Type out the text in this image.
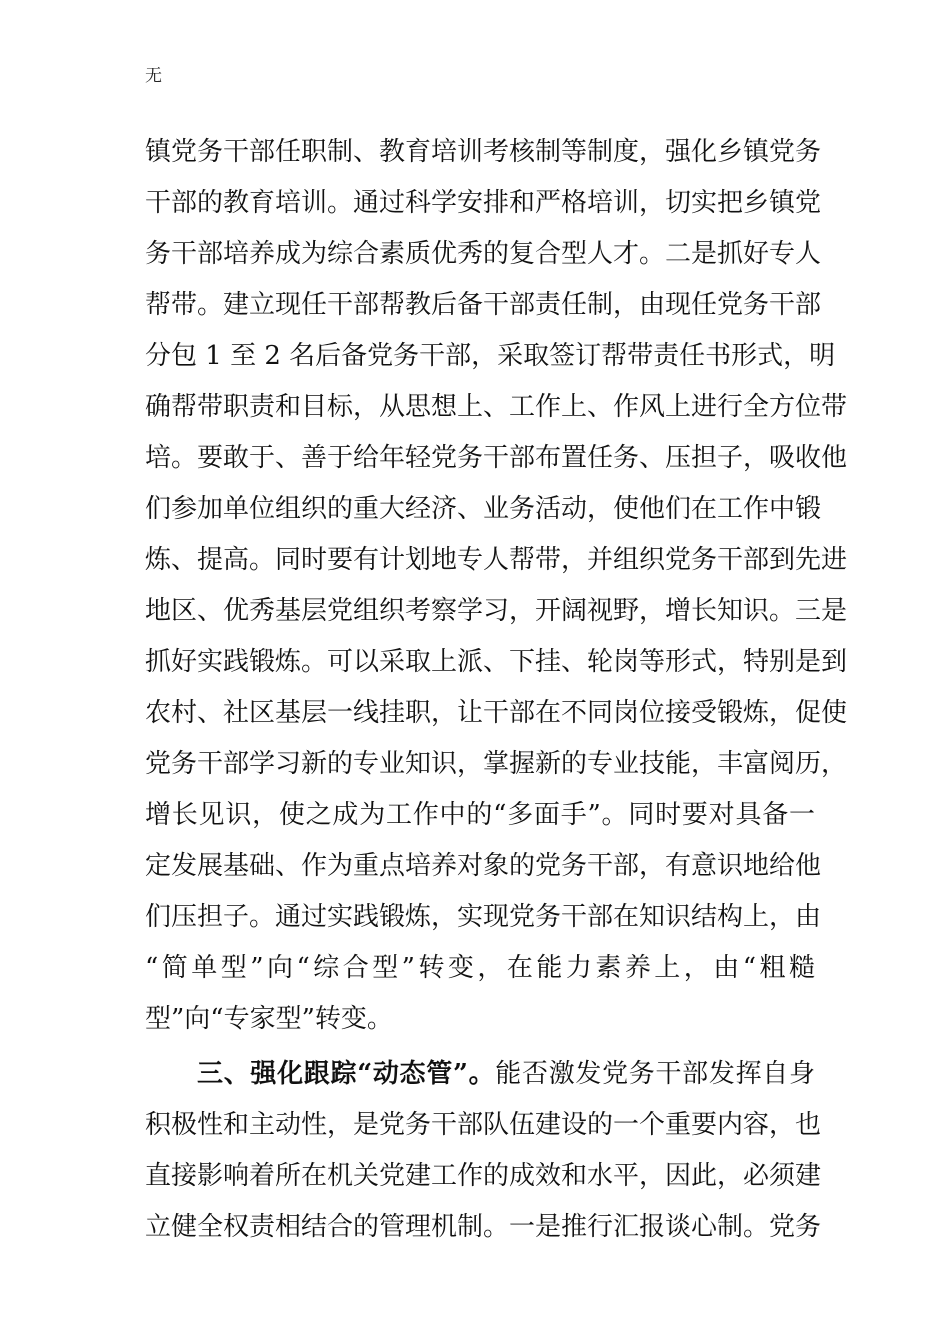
无
镇党务干部任职制、教育培训考核制等制度，强化乡镇党务
干部的教育培训。通过科学安排和严格培训，切实把乡镇党
务干部培养成为综合素质优秀的复合型人才。二是抓好专人
帮带。建立现任干部帮教后备干部责任制，由现任党务干部
分包 1 至 2 名后备党务干部，采取签订帮带责任书形式，明
确帮带职责和目标，从思想上、工作上、作风上进行全方位带
培。要敢于、善于给年轻党务干部布置任务、压担子，吸收他
们参加单位组织的重大经济、业务活动，使他们在工作中锻
炼、提高。同时要有计划地专人帮带，并组织党务干部到先进
地区、优秀基层党组织考察学习，开阔视野，增长知识。三是
抓好实践锻炼。可以采取上派、下挂、轮岗等形式，特别是到
农村、社区基层一线挂职，让干部在不同岗位接受锻炼，促使
党务干部学习新的专业知识，掌握新的专业技能，丰富阅历，
增长见识，使之成为工作中的“多面手”。同时要对具备一
定发展基础、作为重点培养对象的党务干部，有意识地给他
们压担子。通过实践锻炼，实现党务干部在知识结构上，由
“简单型”向“综合型”转变，在能力素养上，由“粗糙
型”向“专家型”转变。
三、强化跟踪“动态管”。能否激发党务干部发挥自身
积极性和主动性，是党务干部队伍建设的一个重要内容，也
直接影响着所在机关党建工作的成效和水平，因此，必须建
立健全权责相结合的管理机制。一是推行汇报谈心制。党务
